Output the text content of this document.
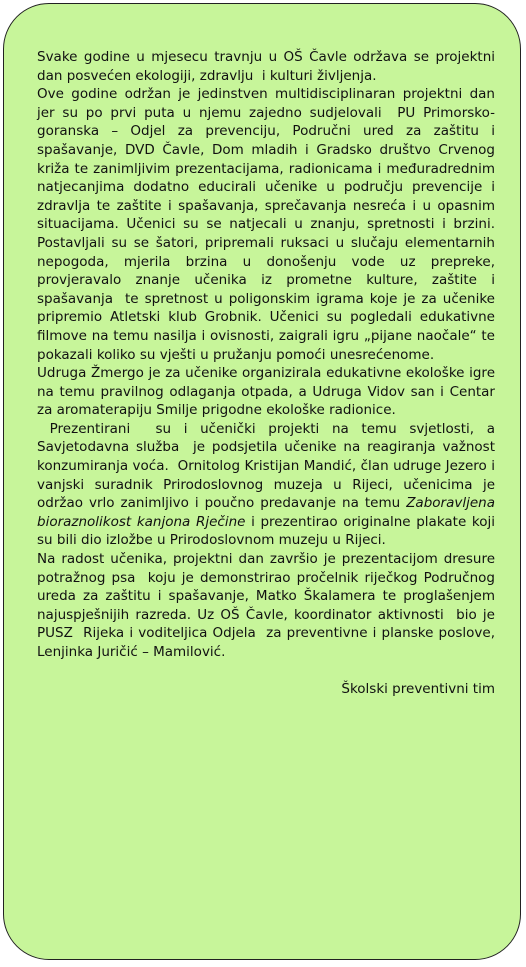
Svake godine u mjesecu travnju u OŠ Čavle održava se projektni dan posvećen ekologiji, zdravlju  i kulturi življenja.

Ove godine održan je jedinstven multidisciplinaran projektni dan jer su po prvi puta u njemu zajedno sudjelovali  PU Primorsko-goranska – Odjel za prevenciju, Područni ured za zaštitu i spašavanje, DVD Čavle, Dom mladih i Gradsko društvo Crvenog križa te zanimljivim prezentacijama, radionicama i međuradrednim natjecanjima dodatno educirali učenike u području prevencije i zdravlja te zaštite i spašavanja, sprečavanja nesreća i u opasnim situacijama. Učenici su se natjecali u znanju, spretnosti i brzini. Postavljali su se šatori, pripremali ruksaci u slučaju elementarnih nepogoda, mjerila brzina u donošenju vode uz prepreke, provjeravalo znanje učenika iz prometne kulture, zaštite i spašavanja  te spretnost u poligonskim igrama koje je za učenike pripremio Atletski klub Grobnik. Učenici su pogledali edukativne filmove na temu nasilja i ovisnosti, zaigrali igru „pijane naočale“ te pokazali koliko su vješti u pružanju pomoći unesrećenome.

Udruga Žmergo je za učenike organizirala edukativne ekološke igre na temu pravilnog odlaganja otpada, a Udruga Vidov san i Centar za aromaterapiju Smilje prigodne ekološke radionice.

Prezentirani  su i učenički projekti na temu svjetlosti, a Savjetodavna služba  je podsjetila učenike na reagiranja važnost konzumiranja voća.  Ornitolog Kristijan Mandić, član udruge Jezero i vanjski suradnik Prirodoslovnog muzeja u Rijeci, učenicima je održao vrlo zanimljivo i poučno predavanje na temu Zaboravljena bioraznolikost kanjona Rječine i prezentirao originalne plakate koji su bili dio izložbe u Prirodoslovnom muzeju u Rijeci.

Na radost učenika, projektni dan završio je prezentacijom dresure potražnog psa  koju je demonstrirao pročelnik riječkog Područnog ureda za zaštitu i spašavanje, Matko Škalamera te proglašenjem najuspješnijih razreda. Uz OŠ Čavle, koordinator aktivnosti  bio je PUSZ  Rijeka i voditeljica Odjela  za preventivne i planske poslove, Lenjinka Juričić – Mamilović.

Školski preventivni tim
